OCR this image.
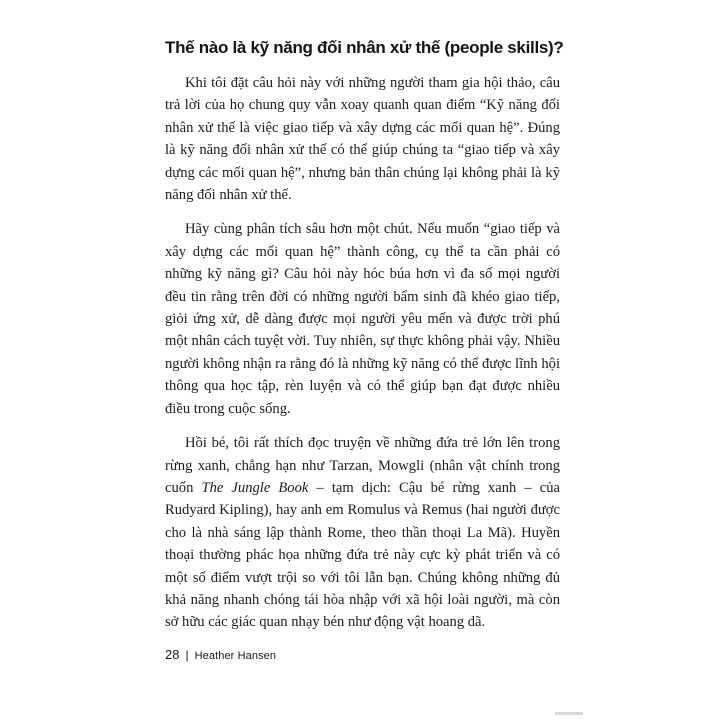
Thế nào là kỹ năng đối nhân xử thế (people skills)?

Khi tôi đặt câu hỏi này với những người tham gia hội thảo, câu trả lời của họ chung quy vẫn xoay quanh quan điểm “Kỹ năng đối nhân xử thế là việc giao tiếp và xây dựng các mối quan hệ”. Đúng là kỹ năng đối nhân xử thế có thể giúp chúng ta “giao tiếp và xây dựng các mối quan hệ”, nhưng bản thân chúng lại không phải là kỹ năng đối nhân xử thế.

Hãy cùng phân tích sâu hơn một chút. Nếu muốn “giao tiếp và xây dựng các mối quan hệ” thành công, cụ thể ta cần phải có những kỹ năng gì? Câu hỏi này hóc búa hơn vì đa số mọi người đều tin rằng trên đời có những người bẩm sinh đã khéo giao tiếp, giỏi ứng xử, dễ dàng được mọi người yêu mến và được trời phú một nhân cách tuyệt vời. Tuy nhiên, sự thực không phải vậy. Nhiều người không nhận ra rằng đó là những kỹ năng có thể được lĩnh hội thông qua học tập, rèn luyện và có thể giúp bạn đạt được nhiều điều trong cuộc sống.

Hồi bé, tôi rất thích đọc truyện về những đứa trẻ lớn lên trong rừng xanh, chẳng hạn như Tarzan, Mowgli (nhân vật chính trong cuốn The Jungle Book – tạm dịch: Cậu bé rừng xanh – của Rudyard Kipling), hay anh em Romulus và Remus (hai người được cho là nhà sáng lập thành Rome, theo thần thoại La Mã). Huyền thoại thường phác họa những đứa trẻ này cực kỳ phát triển và có một số điểm vượt trội so với tôi lẫn bạn. Chúng không những đủ khả năng nhanh chóng tái hòa nhập với xã hội loài người, mà còn sở hữu các giác quan nhạy bén như động vật hoang dã.

28 | Heather Hansen
